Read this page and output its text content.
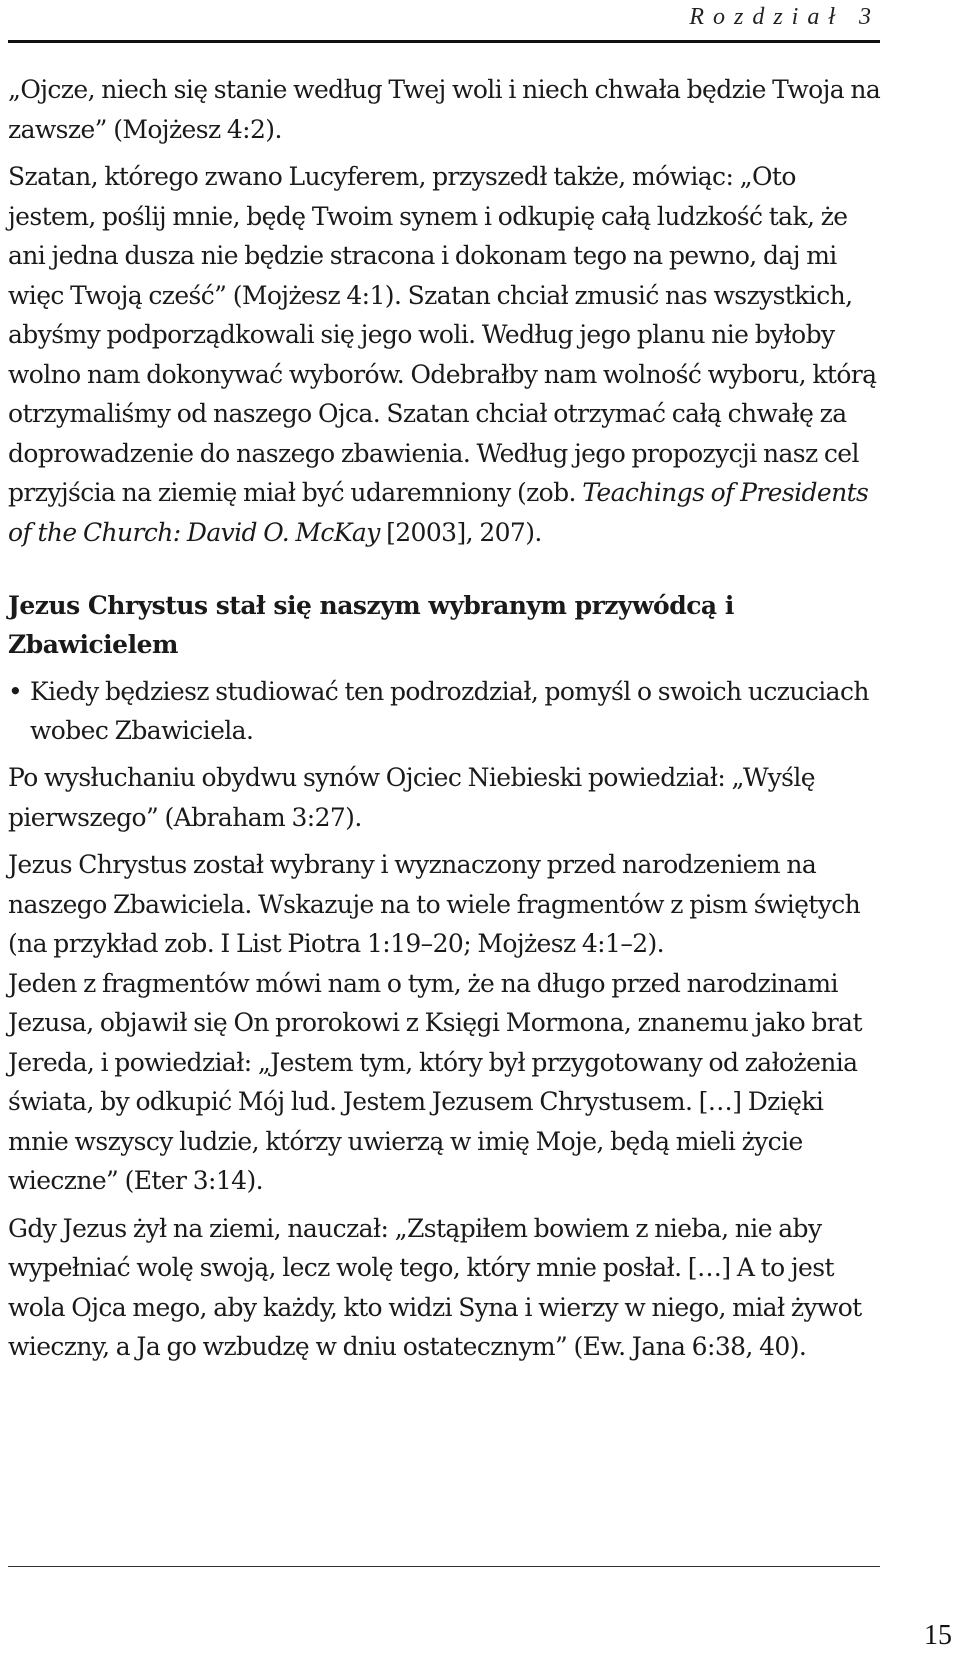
Rozdział 3

„Ojcze, niech się stanie według Twej woli i niech chwała będzie Twoja na zawsze” (Mojżesz 4:2).

Szatan, którego zwano Lucyferem, przyszedł także, mówiąc: „Oto jestem, poślij mnie, będę Twoim synem i odkupię całą ludzkość tak, że ani jedna dusza nie będzie stracona i dokonam tego na pewno, daj mi więc Twoją cześć” (Mojżesz 4:1). Szatan chciał zmusić nas wszystkich, abyśmy podporządkowali się jego woli. Według jego planu nie byłoby wolno nam dokonywać wyborów. Odebrałby nam wolność wyboru, którą otrzymaliśmy od naszego Ojca. Szatan chciał otrzymać całą chwałę za doprowadzenie do naszego zbawienia. Według jego propozycji nasz cel przyjścia na ziemię miał być udaremniony (zob. Teachings of Presidents of the Church: David O. McKay [2003], 207).

Jezus Chrystus stał się naszym wybranym przywódcą i Zbawicielem
• Kiedy będziesz studiować ten podrozdział, pomyśl o swoich uczuciach wobec Zbawiciela.

Po wysłuchaniu obydwu synów Ojciec Niebieski powiedział: „Wyślę pierwszego” (Abraham 3:27).

Jezus Chrystus został wybrany i wyznaczony przed narodzeniem na naszego Zbawiciela. Wskazuje na to wiele fragmentów z pism świętych (na przykład zob. I List Piotra 1:19–20; Mojżesz 4:1–2).

Jeden z fragmentów mówi nam o tym, że na długo przed narodzinami Jezusa, objawił się On prorokowi z Księgi Mormona, znanemu jako brat Jereda, i powiedział: „Jestem tym, który był przygotowany od założenia świata, by odkupić Mój lud. Jestem Jezusem Chrystusem. […] Dzięki mnie wszyscy ludzie, którzy uwierzą w imię Moje, będą mieli życie wieczne” (Eter 3:14).

Gdy Jezus żył na ziemi, nauczał: „Zstąpiłem bowiem z nieba, nie aby wypełniać wolę swoją, lecz wolę tego, który mnie posłał. […] A to jest wola Ojca mego, aby każdy, kto widzi Syna i wierzy w niego, miał żywot wieczny, a Ja go wzbudzę w dniu ostatecznym” (Ew. Jana 6:38, 40).

15
